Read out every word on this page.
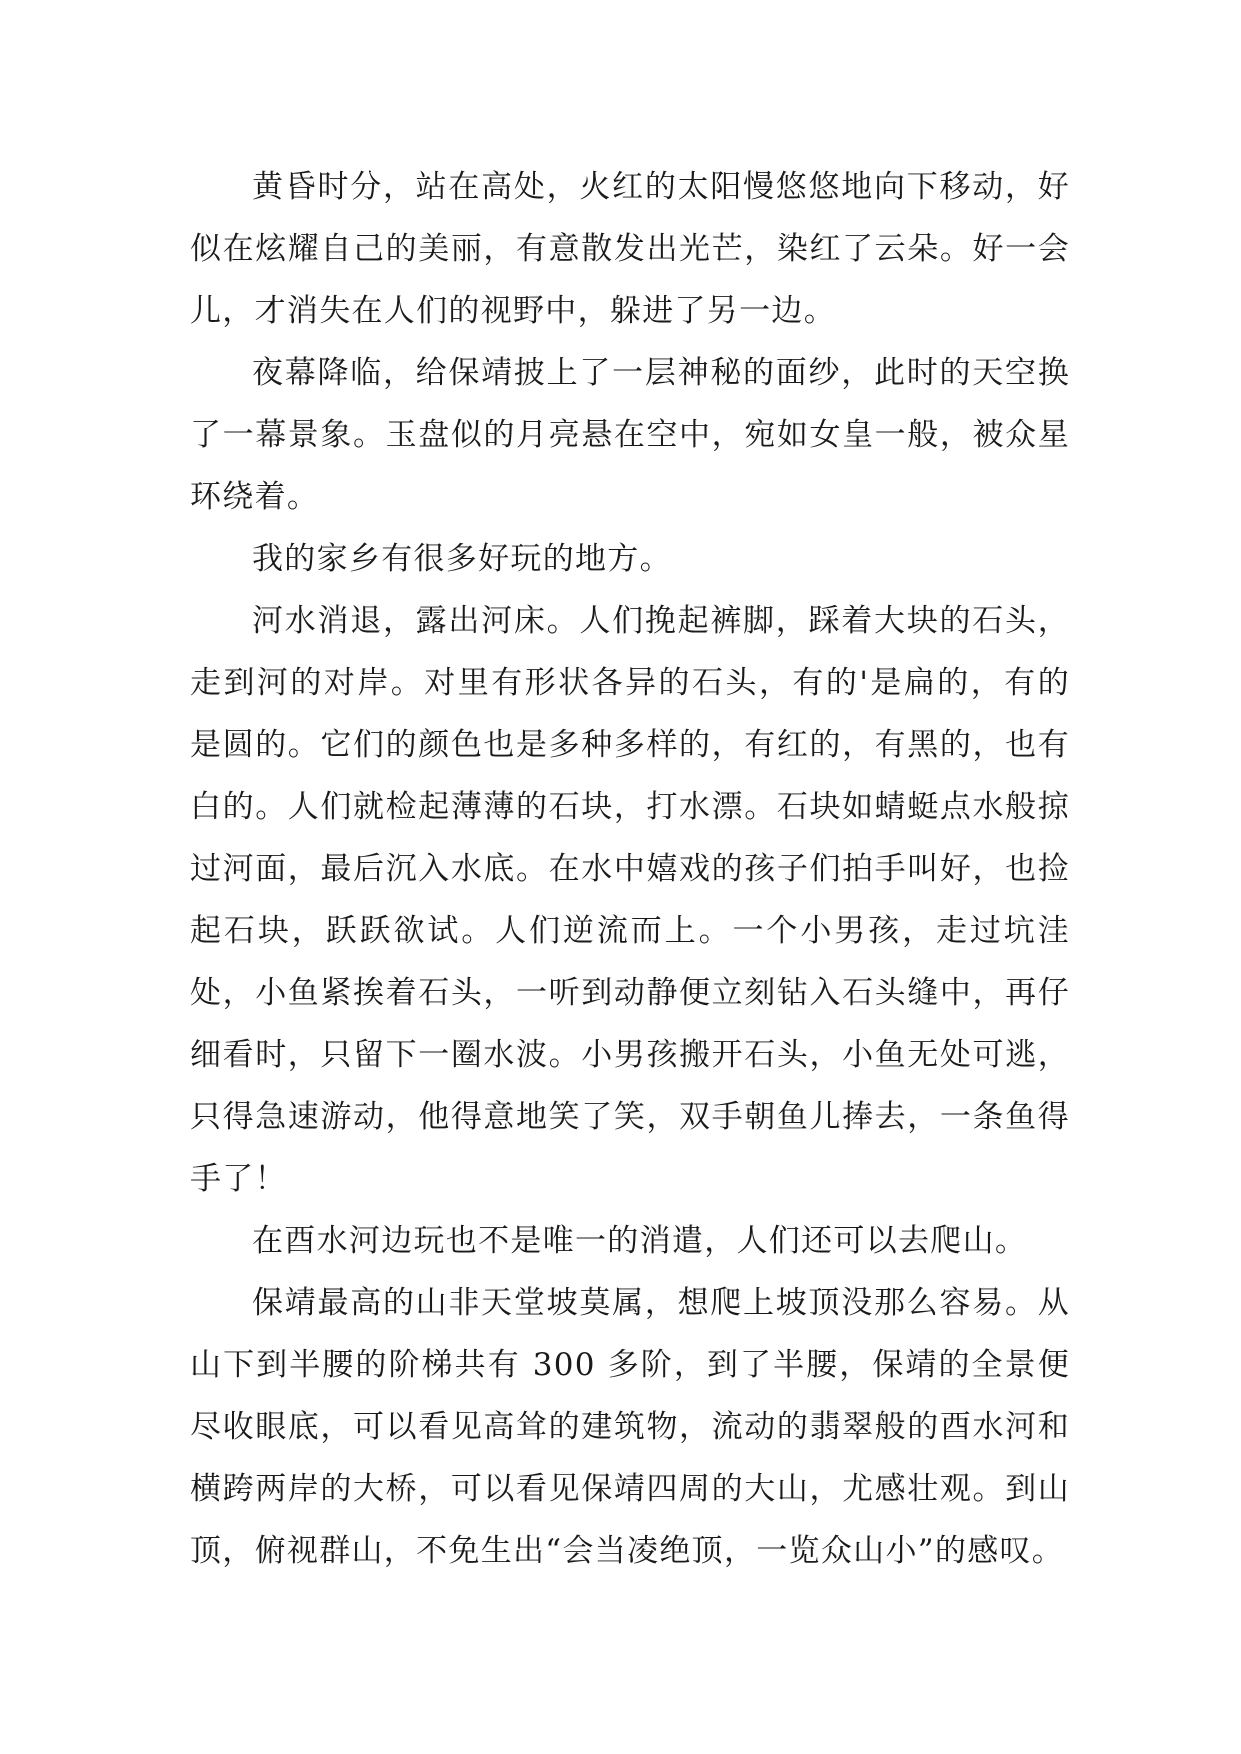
黄昏时分，站在高处，火红的太阳慢悠悠地向下移动，好似在炫耀自己的美丽，有意散发出光芒，染红了云朵。好一会儿，才消失在人们的视野中，躲进了另一边。

夜幕降临，给保靖披上了一层神秘的面纱，此时的天空换了一幕景象。玉盘似的月亮悬在空中，宛如女皇一般，被众星环绕着。

我的家乡有很多好玩的地方。

河水消退，露出河床。人们挽起裤脚，踩着大块的石头，走到河的对岸。对里有形状各异的石头，有的'是扁的，有的是圆的。它们的颜色也是多种多样的，有红的，有黑的，也有白的。人们就检起薄薄的石块，打水漂。石块如蜻蜓点水般掠过河面，最后沉入水底。在水中嬉戏的孩子们拍手叫好，也捡起石块，跃跃欲试。人们逆流而上。一个小男孩，走过坑洼处，小鱼紧挨着石头，一听到动静便立刻钻入石头缝中，再仔细看时，只留下一圈水波。小男孩搬开石头，小鱼无处可逃，只得急速游动，他得意地笑了笑，双手朝鱼儿捧去，一条鱼得手了！

在酉水河边玩也不是唯一的消遣，人们还可以去爬山。

保靖最高的山非天堂坡莫属，想爬上坡顶没那么容易。从山下到半腰的阶梯共有 300 多阶，到了半腰，保靖的全景便尽收眼底，可以看见高耸的建筑物，流动的翡翠般的酉水河和横跨两岸的大桥，可以看见保靖四周的大山，尤感壮观。到山顶，俯视群山，不免生出“会当凌绝顶，一览众山小”的感叹。
